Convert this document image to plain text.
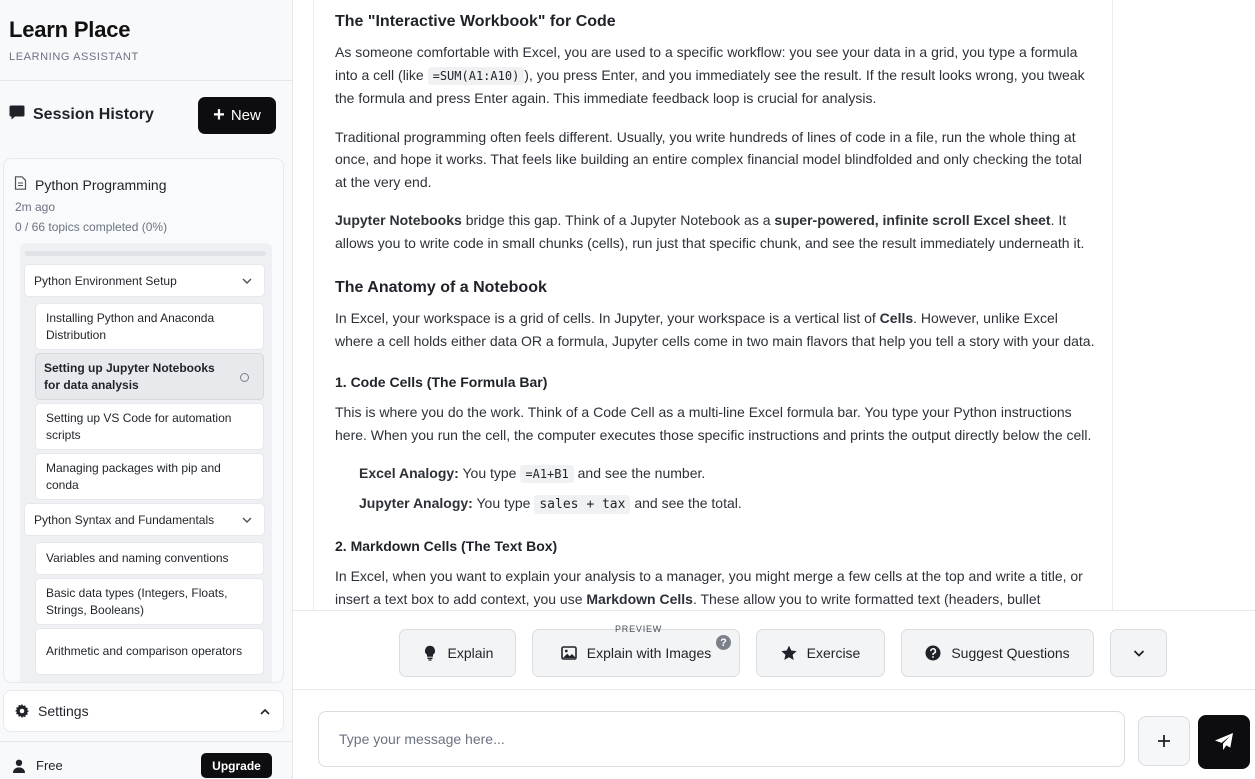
Learn Place
LEARNING ASSISTANT
Session History	+ New
Python Programming
2m ago
0 / 66 topics completed (0%)
Python Environment Setup
Installing Python and Anaconda Distribution
Setting up Jupyter Notebooks for data analysis
Setting up VS Code for automation scripts
Managing packages with pip and conda
Python Syntax and Fundamentals
Variables and naming conventions
Basic data types (Integers, Floats, Strings, Booleans)
Arithmetic and comparison operators
Settings
Free	Upgrade
The "Interactive Workbook" for Code

As someone comfortable with Excel, you are used to a specific workflow: you see your data in a grid, you type a formula into a cell (like =SUM(A1:A10) ), you press Enter, and you immediately see the result. If the result looks wrong, you tweak the formula and press Enter again. This immediate feedback loop is crucial for analysis.

Traditional programming often feels different. Usually, you write hundreds of lines of code in a file, run the whole thing at once, and hope it works. That feels like building an entire complex financial model blindfolded and only checking the total at the very end.

Jupyter Notebooks bridge this gap. Think of a Jupyter Notebook as a super-powered, infinite scroll Excel sheet. It allows you to write code in small chunks (cells), run just that specific chunk, and see the result immediately underneath it.

The Anatomy of a Notebook

In Excel, your workspace is a grid of cells. In Jupyter, your workspace is a vertical list of Cells. However, unlike Excel where a cell holds either data OR a formula, Jupyter cells come in two main flavors that help you tell a story with your data.

1. Code Cells (The Formula Bar)

This is where you do the work. Think of a Code Cell as a multi-line Excel formula bar. You type your Python instructions here. When you run the cell, the computer executes those specific instructions and prints the output directly below the cell.

Excel Analogy: You type =A1+B1 and see the number.
Jupyter Analogy: You type sales + tax and see the total.
2. Markdown Cells (The Text Box)

In Excel, when you want to explain your analysis to a manager, you might merge a few cells at the top and write a title, or insert a text box to add context, you use Markdown Cells. These allow you to write formatted text (headers, bullet

Explain	Explain with Images
PREVIEW
?
Exercise	Suggest Questions
Type your message here...
